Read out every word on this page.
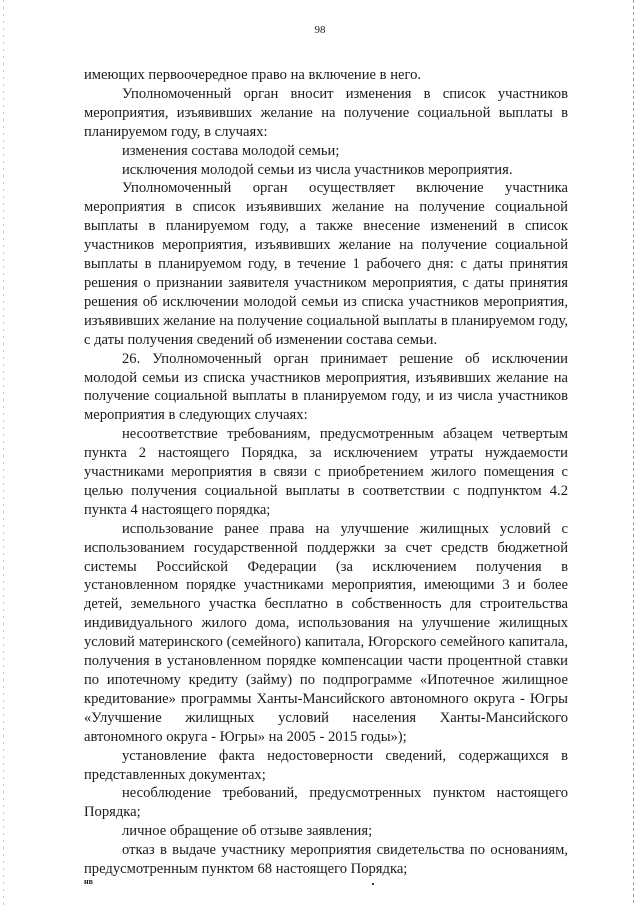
98

имеющих первоочередное право на включение в него.

Уполномоченный орган вносит изменения в список участников мероприятия, изъявивших желание на получение социальной выплаты в планируемом году, в случаях:

изменения состава молодой семьи;

исключения молодой семьи из числа участников мероприятия.

Уполномоченный орган осуществляет включение участника мероприятия в список изъявивших желание на получение социальной выплаты в планируемом году, а также внесение изменений в список участников мероприятия, изъявивших желание на получение социальной выплаты в планируемом году, в течение 1 рабочего дня: с даты принятия решения о признании заявителя участником мероприятия, с даты принятия решения об исключении молодой семьи из списка участников мероприятия, изъявивших желание на получение социальной выплаты в планируемом году, с даты получения сведений об изменении состава семьи.

26. Уполномоченный орган принимает решение об исключении молодой семьи из списка участников мероприятия, изъявивших желание на получение социальной выплаты в планируемом году, и из числа участников мероприятия в следующих случаях:

несоответствие требованиям, предусмотренным абзацем четвертым пункта 2 настоящего Порядка, за исключением утраты нуждаемости участниками мероприятия в связи с приобретением жилого помещения с целью получения социальной выплаты в соответствии с подпунктом 4.2 пункта 4 настоящего порядка;

использование ранее права на улучшение жилищных условий с использованием государственной поддержки за счет средств бюджетной системы Российской Федерации (за исключением получения в установленном порядке участниками мероприятия, имеющими 3 и более детей, земельного участка бесплатно в собственность для строительства индивидуального жилого дома, использования на улучшение жилищных условий материнского (семейного) капитала, Югорского семейного капитала, получения в установленном порядке компенсации части процентной ставки по ипотечному кредиту (займу) по подпрограмме «Ипотечное жилищное кредитование» программы Ханты-Мансийского автономного округа - Югры «Улучшение жилищных условий населения Ханты-Мансийского автономного округа - Югры» на 2005 - 2015 годы»);

установление факта недостоверности сведений, содержащихся в представленных документах;

несоблюдение требований, предусмотренных пунктом настоящего Порядка;

личное обращение об отзыве заявления;

отказ в выдаче участнику мероприятия свидетельства по основаниям, предусмотренным пунктом 68 настоящего Порядка;

нв
